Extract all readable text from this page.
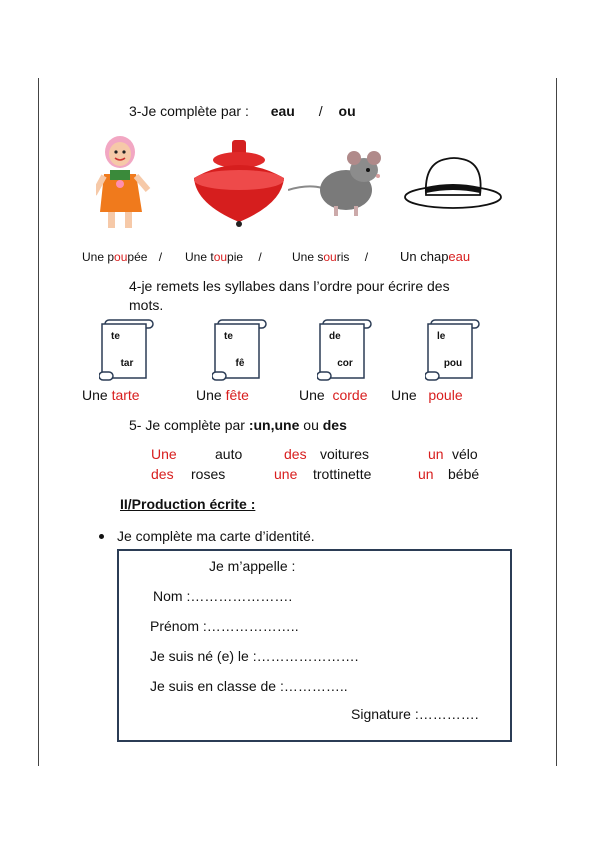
3-Je complète par : eau / ou
Une poupée / Une toupie /	Une souris / Un chapeau
4-je remets les syllabes dans l’ordre pour écrire des
mots.
te
tar
te
fê
de
cor
le
pou
Une tarte	Une fête	Une corde Une poule
5- Je complète par :un,une ou des
Une	auto	des voitures	un vélo
des roses	une trottinette	un bébé
II/Production écrite :
Je complète ma carte d’identité.
Je m’appelle :
Nom :………………….
Prénom :………………..
Je suis né (e) le :………………….
Je suis en classe de :…………..
Signature :………….
